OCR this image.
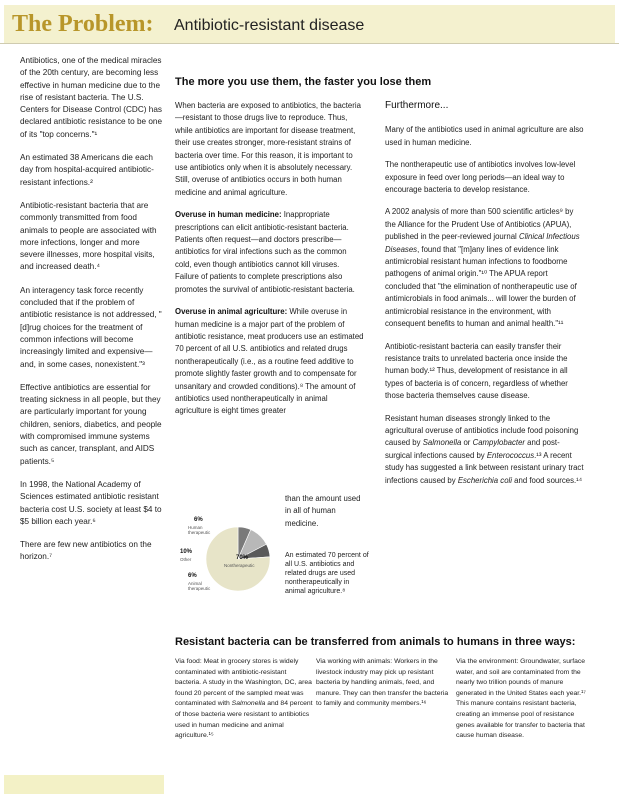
The Problem: Antibiotic-resistant disease

Antibiotics, one of the medical miracles of the 20th century, are becoming less effective in human medicine due to the rise of resistant bacteria. The U.S. Centers for Disease Control (CDC) has declared antibiotic resistance to be one of its "top concerns."¹

An estimated 38 Americans die each day from hospital-acquired antibiotic-resistant infections.²

Antibiotic-resistant bacteria that are commonly transmitted from food animals to people are associated with more infections, longer and more severe illnesses, more hospital visits, and increased death.⁴

An interagency task force recently concluded that if the problem of antibiotic resistance is not addressed, "[d]rug choices for the treatment of common infections will become increasingly limited and expensive—and, in some cases, nonexistent."³

Effective antibiotics are essential for treating sickness in all people, but they are particularly important for young children, seniors, diabetics, and people with compromised immune systems such as cancer, transplant, and AIDS patients.⁵

In 1998, the National Academy of Sciences estimated antibiotic resistant bacteria cost U.S. society at least $4 to $5 billion each year.⁶

There are few new antibiotics on the horizon.⁷

The more you use them, the faster you lose them

When bacteria are exposed to antibiotics, the bacteria—resistant to those drugs live to reproduce. Thus, while antibiotics are important for disease treatment, their use creates stronger, more-resistant strains of bacteria over time. For this reason, it is important to use antibiotics only when it is absolutely necessary. Still, overuse of antibiotics occurs in both human medicine and animal agriculture.

Overuse in human medicine: Inappropriate prescriptions can elicit antibiotic-resistant bacteria. Patients often request—and doctors prescribe—antibiotics for viral infections such as the common cold, even though antibiotics cannot kill viruses. Failure of patients to complete prescriptions also promotes the survival of antibiotic-resistant bacteria.

Overuse in animal agriculture: While overuse in human medicine is a major part of the problem of antibiotic resistance, meat producers use an estimated 70 percent of all U.S. antibiotics and related drugs nontherapeutically (i.e., as a routine feed additive to promote slightly faster growth and to compensate for unsanitary and crowded conditions).⁸ The amount of antibiotics used nontherapeutically in animal agriculture is eight times greater

than the amount used in all of human medicine.
6%
Human
therapeutic
10%
Other
6%
Animal
therapeutic
70%
Nontherapeutic
An estimated 70 percent of all U.S. antibiotics and related drugs are used nontherapeutically in animal agriculture.⁸
Furthermore...

Many of the antibiotics used in animal agriculture are also used in human medicine.

The nontherapeutic use of antibiotics involves low-level exposure in feed over long periods—an ideal way to encourage bacteria to develop resistance.

A 2002 analysis of more than 500 scientific articles⁹ by the Alliance for the Prudent Use of Antibiotics (APUA), published in the peer-reviewed journal Clinical Infectious Diseases, found that "[m]any lines of evidence link antimicrobial resistant human infections to foodborne pathogens of animal origin."¹⁰ The APUA report concluded that "the elimination of nontherapeutic use of antimicrobials in food animals... will lower the burden of antimicrobial resistance in the environment, with consequent benefits to human and animal health."¹¹

Antibiotic-resistant bacteria can easily transfer their resistance traits to unrelated bacteria once inside the human body.¹² Thus, development of resistance in all types of bacteria is of concern, regardless of whether those bacteria themselves cause disease.

Resistant human diseases strongly linked to the agricultural overuse of antibiotics include food poisoning caused by Salmonella or Campylobacter and post-surgical infections caused by Enterococcus.¹³ A recent study has suggested a link between resistant urinary tract infections caused by Escherichia coli and food sources.¹⁴

Resistant bacteria can be transferred from animals to humans in three ways:
Via food: Meat in grocery stores is widely contaminated with antibiotic-resistant bacteria. A study in the Washington, DC, area found 20 percent of the sampled meat was contaminated with Salmonella and 84 percent of those bacteria were resistant to antibiotics used in human medicine and animal agriculture.¹⁵
Via working with animals: Workers in the livestock industry may pick up resistant bacteria by handling animals, feed, and manure. They can then transfer the bacteria to family and community members.¹⁶
Via the environment: Groundwater, surface water, and soil are contaminated from the nearly two trillion pounds of manure generated in the United States each year.¹⁷ This manure contains resistant bacteria, creating an immense pool of resistance genes available for transfer to bacteria that cause human disease.
